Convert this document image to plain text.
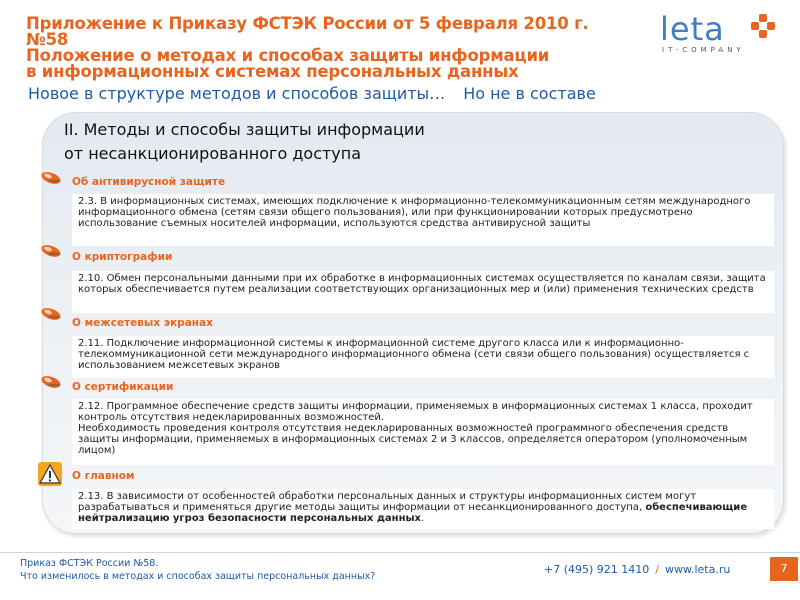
Приложение к Приказу ФСТЭК России от 5 февраля 2010 г.
№58
Положение о методах и способах защиты информации
в информационных системах персональных данных
Новое в структуре методов и способов защиты… Но не в составе
leta
IT-COMPANY
II. Методы и способы защиты информации
от несанкционированного доступа
Об антивирусной защите
2.3. В информационных системах, имеющих подключение к информационно-телекоммуникационным сетям международного информационного обмена (сетям связи общего пользования), или при функционировании которых предусмотрено использование съемных носителей информации, используются средства антивирусной защиты
О криптографии
2.10. Обмен персональными данными при их обработке в информационных системах осуществляется по каналам связи, защита которых обеспечивается путем реализации соответствующих организационных мер и (или) применения технических средств
О межсетевых экранах
2.11. Подключение информационной системы к информационной системе другого класса или к информационно-телекоммуникационной сети международного информационного обмена (сети связи общего пользования) осуществляется с использованием межсетевых экранов
О сертификации
2.12. Программное обеспечение средств защиты информации, применяемых в информационных системах 1 класса, проходит контроль отсутствия недекларированных возможностей.
Необходимость проведения контроля отсутствия недекларированных возможностей программного обеспечения средств защиты информации, применяемых в информационных системах 2 и 3 классов, определяется оператором (уполномоченным лицом)
О главном
2.13. В зависимости от особенностей обработки персональных данных и структуры информационных систем могут разрабатываться и применяться другие методы защиты информации от несанкционированного доступа, обеспечивающие нейтрализацию угроз безопасности персональных данных.
Приказ ФСТЭК России №58.
Что изменилось в методах и способах защиты персональных данных?
+7 (495) 921 1410 / www.leta.ru	7
